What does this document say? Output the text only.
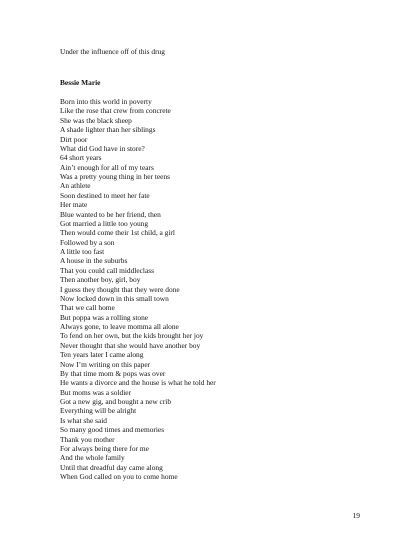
Under the influence off of this drug
Bessie Marie
Born into this world in poverty
Like the rose that crew from concrete
She was the black sheep
A shade lighter than her siblings
Dirt poor
What did God have in store?
64 short years
Ain’t enough for all of my tears
Was a pretty young thing in her teens
An athlete
Soon destined to meet her fate
Her mate
Blue wanted to be her friend, then
Got married a little too young
Then would come their 1st child, a girl
Followed by a son
A little too fast
A house in the suburbs
That you could call middleclass
Then another boy, girl, boy
I guess they thought that they were done
Now locked down in this small town
That we call home
But poppa was a rolling stone
Always gone, to leave momma all alone
To fend on her own, but the kids brought her joy
Never thought that she would have another boy
Ten years later I came along
Now I’m writing on this paper
By that time mom & pops was over
He wants a divorce and the house is what he told her
But moms was a soldier
Got a new gig, and bought a new crib
Everything will be alright
Is what she said
So many good times and memories
Thank you mother
For always being there for me
And the whole family
Until that dreadful day came along
When God called on you to come home
19
